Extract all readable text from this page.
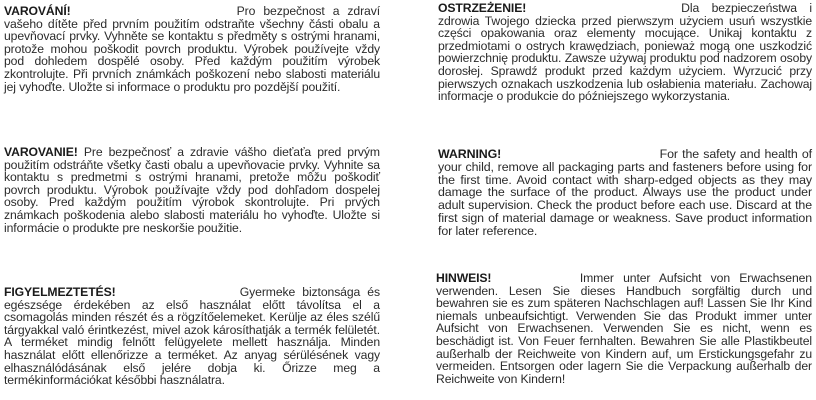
VAROVÁNÍ!	Pro bezpečnost a zdraví vašeho dítěte před prvním použitím odstraňte všechny části obalu a upevňovací prvky. Vyhněte se kontaktu s předměty s ostrými hranami, protože mohou poškodit povrch produktu. Výrobek používejte vždy pod dohledem dospělé osoby. Před každým použitím výrobek zkontrolujte. Při prvních známkách poškození nebo slabosti materiálu jej vyhoďte. Uložte si informace o produktu pro pozdější použití.
OSTRZEŻENIE!	Dla bezpieczeństwa i zdrowia Twojego dziecka przed pierwszym użyciem usuń wszystkie części opakowania oraz elementy mocujące. Unikaj kontaktu z przedmiotami o ostrych krawędziach, ponieważ mogą one uszkodzić powierzchnię produktu. Zawsze używaj produktu pod nadzorem osoby dorosłej. Sprawdź produkt przed każdym użyciem. Wyrzucić przy pierwszych oznakach uszkodzenia lub osłabienia materiału. Zachowaj informacje o produkcie do późniejszego wykorzystania.
VAROVANIE! Pre bezpečnosť a zdravie vášho dieťaťa pred prvým použitím odstráňte všetky časti obalu a upevňovacie prvky. Vyhnite sa kontaktu s predmetmi s ostrými hranami, pretože môžu poškodiť povrch produktu. Výrobok používajte vždy pod dohľadom dospelej osoby. Pred každým použitím výrobok skontrolujte. Pri prvých známkach poškodenia alebo slabosti materiálu ho vyhoďte. Uložte si informácie o produkte pre neskoršie použitie.
WARNING!	For the safety and health of your child, remove all packaging parts and fasteners before using for the first time. Avoid contact with sharp-edged objects as they may damage the surface of the product. Always use the product under adult supervision. Check the product before each use. Discard at the first sign of material damage or weakness. Save product information for later reference.
FIGYELMEZTETÉS!	Gyermeke biztonsága és egészsége érdekében az első használat előtt távolítsa el a csomagolás minden részét és a rögzítőelemeket. Kerülje az éles szélű tárgyakkal való érintkezést, mivel azok károsíthatják a termék felületét. A terméket mindig felnőtt felügyelete mellett használja. Minden használat előtt ellenőrizze a terméket. Az anyag sérülésének vagy elhasználódásának első jelére dobja ki. Őrizze meg a termékinformációkat későbbi használatra.
HINWEIS!	Immer unter Aufsicht von Erwachsenen verwenden. Lesen Sie dieses Handbuch sorgfältig durch und bewahren sie es zum späteren Nachschlagen auf! Lassen Sie Ihr Kind niemals unbeaufsichtigt. Verwenden Sie das Produkt immer unter Aufsicht von Erwachsenen. Verwenden Sie es nicht, wenn es beschädigt ist. Von Feuer fernhalten. Bewahren Sie alle Plastikbeutel außerhalb der Reichweite von Kindern auf, um Erstickungsgefahr zu vermeiden. Entsorgen oder lagern Sie die Verpackung außerhalb der Reichweite von Kindern!
